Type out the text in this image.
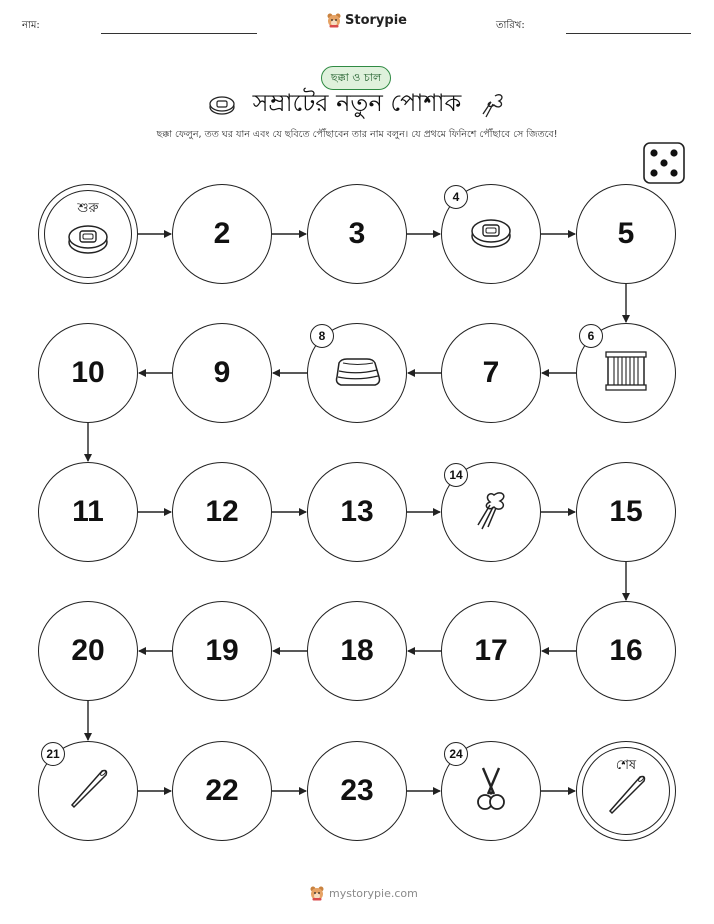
নাম:	Storypie	তারিখ:
ছক্কা ও চাল
সম্রাটের নতুন পোশাক
ছক্কা ফেলুন, তত ঘর যান এবং যে ছবিতে পৌঁছাবেন তার নাম বলুন। যে প্রথমে ফিনিশে পৌঁছাবে সে জিতবে!
শুরু
2	3
4
5
6
7
8
9
10
11	12	13
14
15
16
17
18
19
20
21
22	23
24
শেষ
mystorypie.com
